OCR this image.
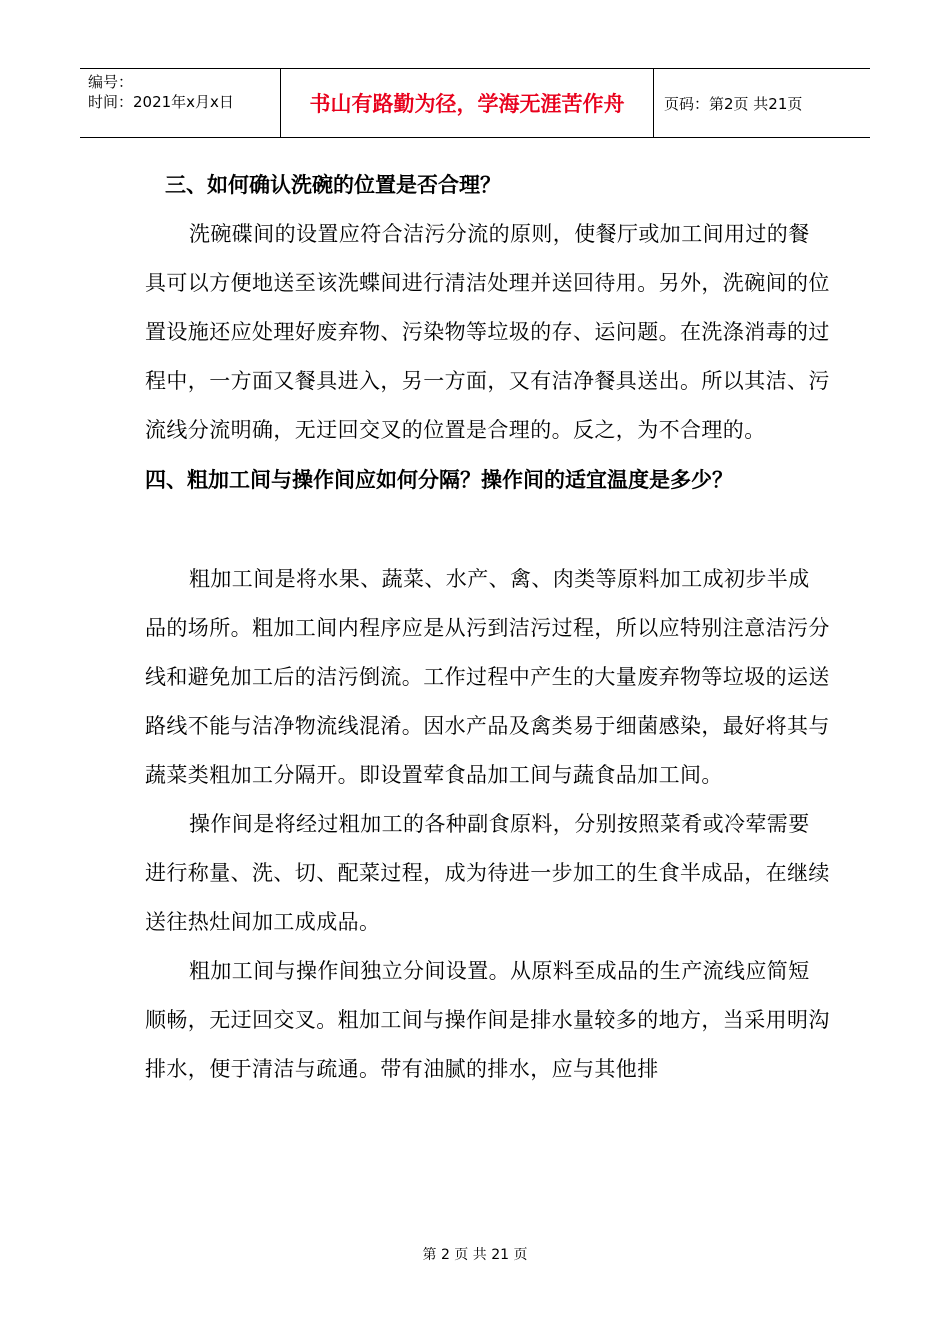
编号：
时间：2021年x月x日	书山有路勤为径，学海无涯苦作舟	页码：第2页 共21页
三、如何确认洗碗的位置是否合理？

洗碗碟间的设置应符合洁污分流的原则，使餐厅或加工间用过的餐具可以方便地送至该洗蝶间进行清洁处理并送回待用。另外，洗碗间的位置设施还应处理好废弃物、污染物等垃圾的存、运问题。在洗涤消毒的过程中，一方面又餐具进入，另一方面，又有洁净餐具送出。所以其洁、污流线分流明确，无迂回交叉的位置是合理的。反之，为不合理的。

四、粗加工间与操作间应如何分隔？操作间的适宜温度是多少？

粗加工间是将水果、蔬菜、水产、禽、肉类等原料加工成初步半成品的场所。粗加工间内程序应是从污到洁污过程，所以应特别注意洁污分线和避免加工后的洁污倒流。工作过程中产生的大量废弃物等垃圾的运送路线不能与洁净物流线混淆。因水产品及禽类易于细菌感染，最好将其与蔬菜类粗加工分隔开。即设置荤食品加工间与蔬食品加工间。

操作间是将经过粗加工的各种副食原料，分别按照菜肴或冷荤需要进行称量、洗、切、配菜过程，成为待进一步加工的生食半成品，在继续送往热灶间加工成成品。

粗加工间与操作间独立分间设置。从原料至成品的生产流线应简短顺畅，无迂回交叉。粗加工间与操作间是排水量较多的地方，当采用明沟排水，便于清洁与疏通。带有油腻的排水，应与其他排

第 2 页 共 21 页
